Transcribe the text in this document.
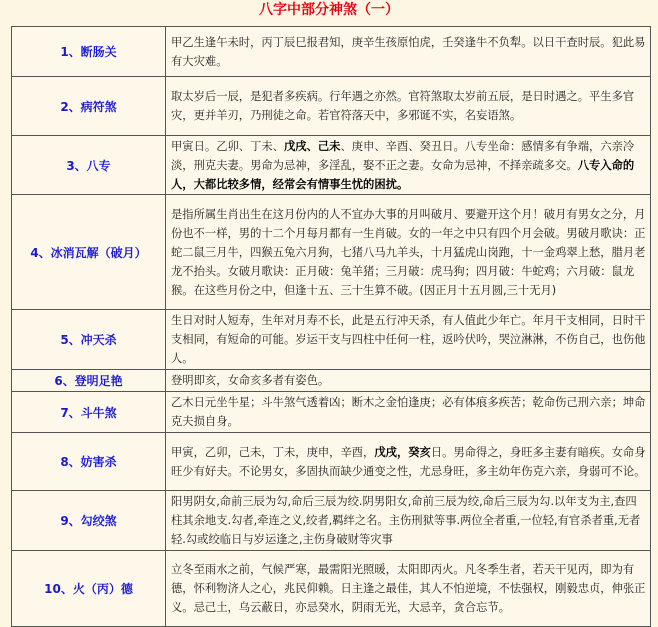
八字中部分神煞（一）
1、断肠关	甲乙生逢午未时，丙丁辰巳报君知，庚辛生孩原怕虎，壬癸逢牛不负犁。以日干查时辰。犯此易有大灾难。
2、病符煞	取太岁后一辰，是犯者多疾病。行年遇之亦然。官符煞取太岁前五辰，是日时遇之。平生多官灾，更并羊刃，乃刑徒之命。若官符落天中，多邪诞不实，名妄语煞。
3、八专	甲寅日。乙卯、丁未、戊戌、己未、庚申、辛酉、癸丑日。八专坐命：感情多有争端，六亲冷淡，刑克夫妻。男命为忌神，多淫乱，娶不正之妻。女命为忌神，不择亲疏多交。八专入命的人，大都比较多情，经常会有情事生忧的困扰。
4、冰消瓦解（破月）	是指所属生肖出生在这月份内的人不宜办大事的月叫破月、要避开这个月！破月有男女之分，月份也不一样，男的十二个月每月都有一生肖破。女的一年之中只有四个月会破。男破月歌诀：正蛇二鼠三月牛，四猴五兔六月狗，七猪八马九羊头，十月猛虎山岗跑，十一金鸡翠上愁，腊月老龙不抬头。女破月歌诀：正月破：兔羊猪；三月破：虎马狗；四月破：牛蛇鸡；六月破：鼠龙猴。在这些月份之中，但逢十五、三十生算不破。(因正月十五月圆,三十无月)
5、冲天杀	生日对时人短寿，生年对月寿不长，此是五行冲天杀，有人值此少年亡。年月干支相同，日时干支相同，有短命的可能。岁运干支与四柱中任何一柱，返吟伏吟，哭泣淋淋，不伤自己，也伤他人。
6、登明足艳	登明即亥，女命亥多者有姿色。
7、斗牛煞	乙木日元坐牛星；斗牛煞气透着凶；断木之金怕逢庚；必有体痕多疾苦；乾命伤己刑六亲；坤命克夫损自身。
8、妨害杀	甲寅，乙卯，己未，丁未，庚申，辛酉，戊戌，癸亥日。男命得之，身旺多主妻有暗疾。女命身旺少有好夫。不论男女，多固执而缺少通变之性，尤忌身旺，多主幼年伤克六亲，身弱可不论。
9、勾绞煞	阳男阴女,命前三辰为勾,命后三辰为绞.阴男阳女,命前三辰为绞,命后三辰为勾.以年支为主,查四柱其余地支.勾者,牵连之义,绞者,羁绊之名。主伤刑狱等事.两位全者重,一位轻,有官杀者重,无者轻.勾或绞临日与岁运逢之,主伤身破财等灾事
10、火（丙）德	立冬至雨水之前，气候严寒，最需阳光照暖，太阳即丙火。凡冬季生者，若天干见丙，即为有德，怀利物济人之心，兆民仰赖。日主逢之最佳，其人不怕逆境，不怯强权，刚毅忠贞，伸张正义。忌己土，乌云蔽日，亦忌癸水，阴雨无光，大忌辛，贪合忘节。
